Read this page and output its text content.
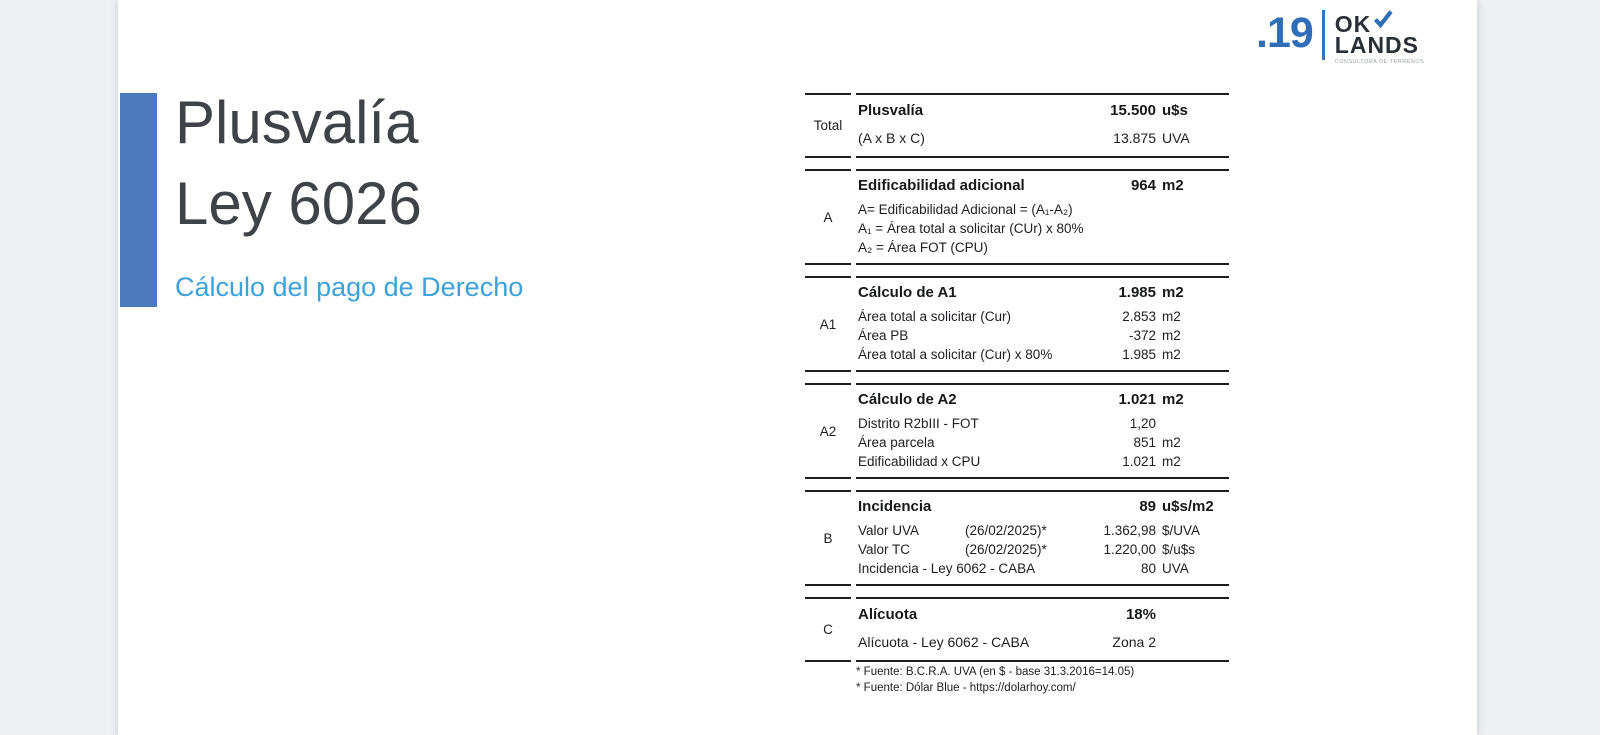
.19 OK
LANDS
CONSULTORA DE TERRENOS
Plusvalía
Ley 6026
Cálculo del pago de Derecho
Total
Plusvalía	15.500 u$s
(A x B x C)	13.875 UVA
A
Edificabilidad adicional	964 m2
A= Edificabilidad Adicional = (A₁-A₂)
A₁ = Área total a solicitar (CUr) x 80%
A₂ = Área FOT (CPU)
A1
Cálculo de A1	1.985 m2
Área total a solicitar (Cur)	2.853 m2
Área PB	-372 m2
Área total a solicitar (Cur) x 80%	1.985 m2
A2
Cálculo de A2	1.021 m2
Distrito R2bIII - FOT	1,20
Área parcela	851 m2
Edificabilidad x CPU	1.021 m2
B
Incidencia	89 u$s/m2
Valor UVA	(26/02/2025)*	1.362,98 $/UVA
Valor TC	(26/02/2025)*	1.220,00 $/u$s
Incidencia - Ley 6062 - CABA	80 UVA
C
Alícuota	18%
Alícuota - Ley 6062 - CABA	Zona 2
* Fuente: B.C.R.A. UVA (en $ - base 31.3.2016=14.05)
* Fuente: Dólar Blue - https://dolarhoy.com/
